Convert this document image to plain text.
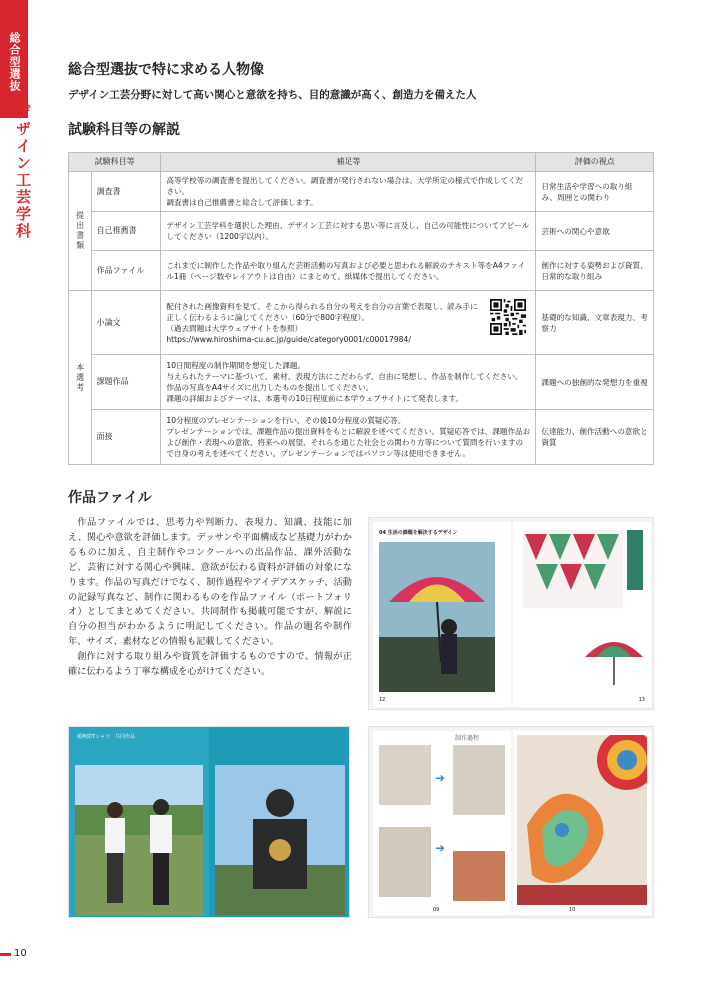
総合型選抜
デザイン工芸学科
総合型選抜で特に求める人物像
デザイン工芸分野に対して高い関心と意欲を持ち、目的意識が高く、創造力を備えた人
試験科目等の解説
試験科目等		補足等	評価の視点
提出書類	調査書	高等学校等の調査書を提出してください。調査書が発行されない場合は、大学所定の様式で作成してください。
調査書は自己推薦書と総合して評価します。	日常生活や学習への取り組み、周囲との関わり
	自己推薦書	デザイン工芸学科を選択した理由、デザイン工芸に対する思い等に言及し、自己の可能性についてアピールしてください（1200字以内）。	芸術への関心や意欲
	作品ファイル	これまでに制作した作品や取り組んだ芸術活動の写真および必要と思われる解説のテキスト等をA4ファイル1冊（ページ数やレイアウトは自由）にまとめて、紙媒体で提出してください。	創作に対する姿勢および資質、日常的な取り組み
本選考	小論文	配付された画像資料を見て、そこから得られる自分の考えを自分の言葉で表現し、読み手に正しく伝わるように論じてください（60分で800字程度）。
（過去問題は大学ウェブサイトを参照）
https://www.hiroshima-cu.ac.jp/guide/category0001/c00017984/	基礎的な知識、文章表現力、考察力
	課題作品	10日間程度の制作期間を想定した課題。
与えられたテーマに基づいて、素材、表現方法にこだわらず、自由に発想し、作品を制作してください。
作品の写真をA4サイズに出力したものを提出してください。
課題の詳細およびテーマは、本選考の10日程度前に本学ウェブサイトにて発表します。	課題への独創的な発想力を重視
	面接	10分程度のプレゼンテーションを行い、その後10分程度の質疑応答。
プレゼンテーションでは、課題作品の提出資料をもとに解説を述べてください。質疑応答では、課題作品および創作・表現への意欲、将来への展望、それらを通じた社会との関わり方等について質問を行いますので自身の考えを述べてください。プレゼンテーションではパソコン等は使用できません。	伝達能力、創作活動への意欲と資質
作品ファイル

作品ファイルでは、思考力や判断力、表現力、知識、技能に加え、関心や意欲を評価します。デッサンや平面構成など基礎力がわかるものに加え、自主制作やコンクールへの出品作品、課外活動など、芸術に対する関心や興味、意欲が伝わる資料が評価の対象になります。作品の写真だけでなく、制作過程やアイデアスケッチ、活動の記録写真など、制作に関わるものを作品ファイル（ポートフォリオ）としてまとめてください。共同制作も掲載可能ですが、解説に自分の担当がわかるように明記してください。作品の題名や制作年、サイズ、素材などの情報も記載してください。

創作に対する取り組みや資質を評価するものですので、情報が正確に伝わるよう丁寧な構成を心がけてください。

04 生活の課題を解決するデザイン
12	13
顔無限Tシャツ　共同作品	制作過程
➜
➜
09	10
10
